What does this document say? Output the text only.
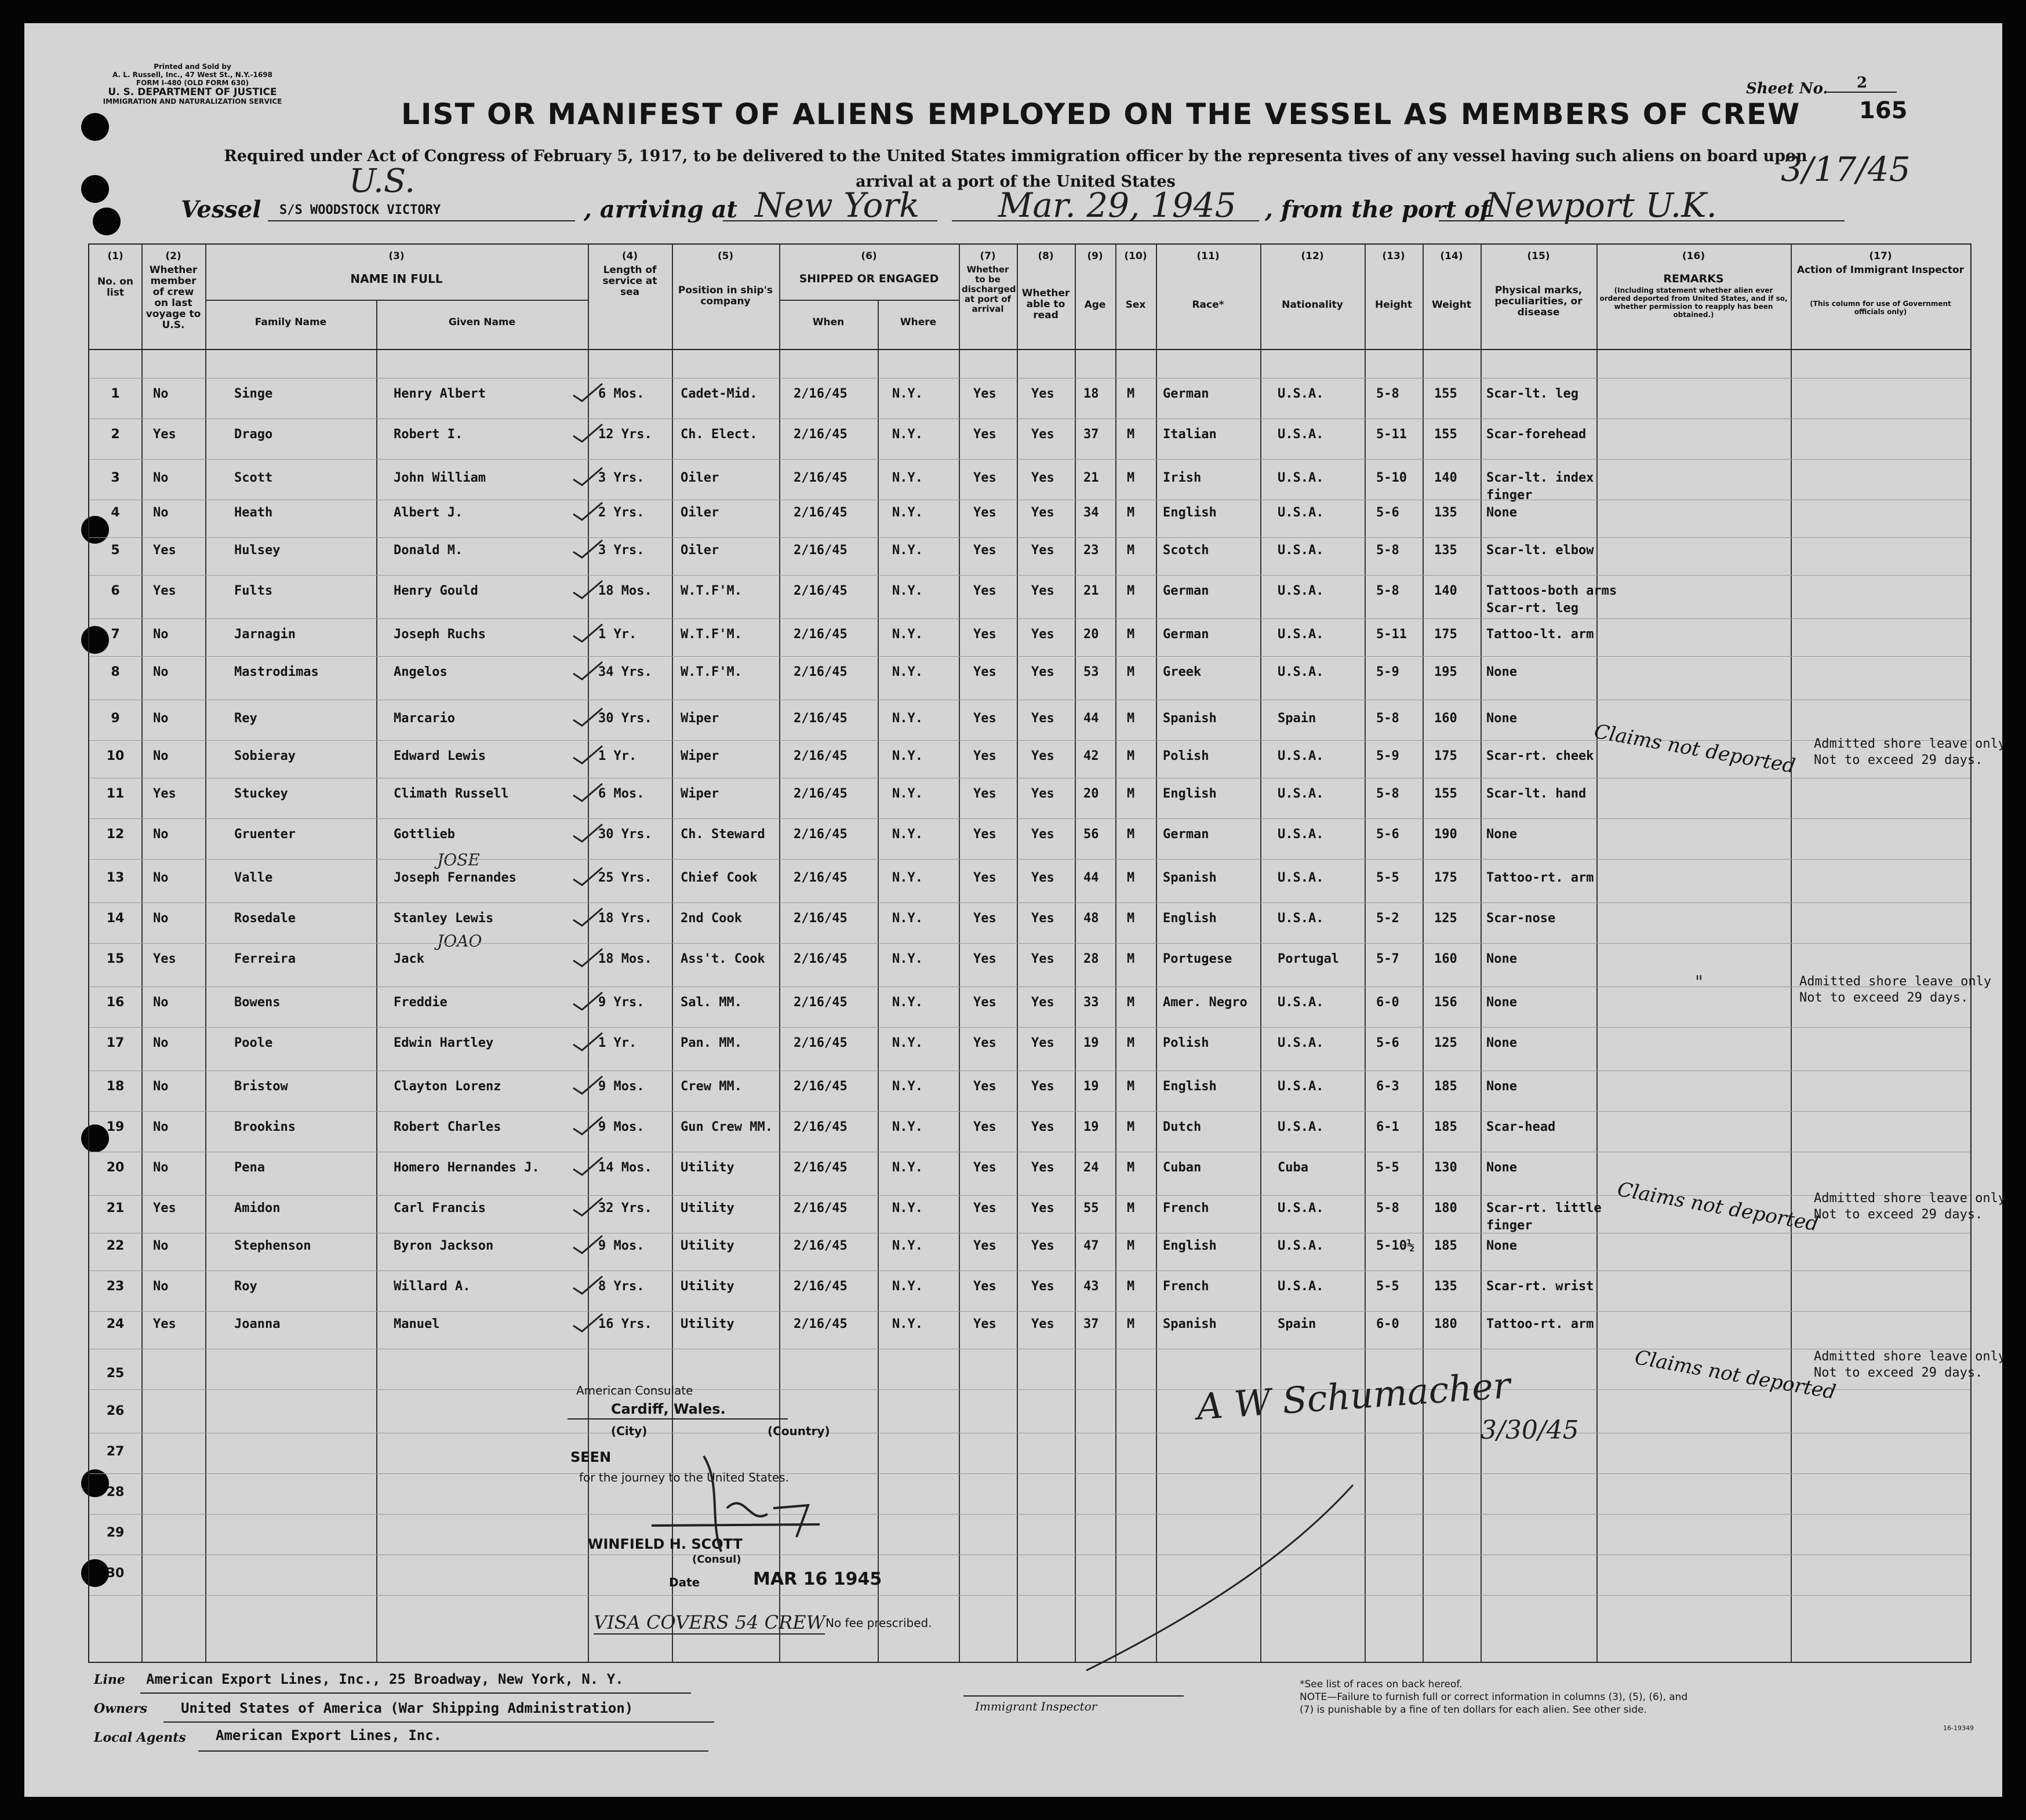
Printed and Sold by
A. L. Russell, Inc., 47 West St., N.Y.-1698
FORM I-480 (OLD FORM 630)
U. S. DEPARTMENT OF JUSTICE
IMMIGRATION AND NATURALIZATION SERVICE	LIST OR MANIFEST OF ALIENS EMPLOYED ON THE VESSEL AS MEMBERS OF CREW
Sheet No.	2
165
Required under Act of Congress of February 5, 1917, to be delivered to the United States immigration officer by the representa tives of any vessel having such aliens on board upon arrival at a port of the United States
Vessel
U.S.
S/S WOODSTOCK VICTORY	, arriving at New York Mar. 29, 1945 , from the port of
Newport U.K.
3/17/45
(1)	(2)	(3)	(4)	(5)	(6)	(7)	(8)	(9)	(10)	(11)	(12)	(13)	(14)	(15)	(16)	(17)
No. on list
Whether member of crew on last voyage to U.S.
NAME IN FULL
Family Name	Given Name
Length of service at sea	Position in ship's company
SHIPPED OR ENGAGED
When	Where
Whether to be discharged at port of arrival
Whether able to read
Age	Sex	Race*	Nationality	Height	Weight
Physical marks, peculiarities, or disease
REMARKS
(Including statement whether alien ever ordered deported from United States, and if so, whether permission to reapply has been obtained.)
Action of Immigrant Inspector
(This column for use of Government officials only)
1	No	Singe	Henry Albert	6 Mos.	Cadet-Mid.	2/16/45	N.Y.	Yes	Yes 18 M German	U.S.A.	5-8	155 Scar-lt. leg
2	Yes	Drago	Robert I.	12 Yrs. Ch. Elect.	2/16/45	N.Y.	Yes	Yes 37 M Italian	U.S.A.	5-11 155 Scar-forehead
3	No	Scott	John William	3 Yrs.	Oiler	2/16/45	N.Y.	Yes	Yes 21 M Irish	U.S.A.	5-10 140 Scar-lt. index
finger
4	No	Heath	Albert J.	2 Yrs.	Oiler	2/16/45	N.Y.	Yes	Yes 34 M English	U.S.A.	5-6	135 None
5	Yes	Hulsey	Donald M.	3 Yrs.	Oiler	2/16/45	N.Y.	Yes	Yes 23 M Scotch	U.S.A.	5-8	135 Scar-lt. elbow
6	Yes	Fults	Henry Gould	18 Mos. W.T.F'M.	2/16/45	N.Y.	Yes	Yes 21 M German	U.S.A.	5-8	140 Tattoos-both arms
Scar-rt. leg
7	No	Jarnagin	Joseph Ruchs	1 Yr.	W.T.F'M.	2/16/45	N.Y.	Yes	Yes 20 M German	U.S.A.	5-11 175 Tattoo-lt. arm
8	No	Mastrodimas	Angelos	34 Yrs. W.T.F'M.	2/16/45	N.Y.	Yes	Yes 53 M Greek	U.S.A.	5-9	195 None
9	No	Rey	Marcario	30 Yrs. Wiper	2/16/45	N.Y.	Yes	Yes 44 M Spanish	Spain	5-8	160 None
10	No	Sobieray	Edward Lewis	1 Yr.	Wiper	2/16/45	N.Y.	Yes	Yes 42 M Polish	U.S.A.	5-9	175 Scar-rt. cheek
11	Yes	Stuckey	Climath Russell	6 Mos.	Wiper	2/16/45	N.Y.	Yes	Yes 20 M English	U.S.A.	5-8	155 Scar-lt. hand
12	No	Gruenter	Gottlieb	30 Yrs. Ch. Steward 2/16/45	N.Y.	Yes	Yes 56 M German	U.S.A.	5-6	190 None
13	No	Valle	Joseph Fernandes	25 Yrs. Chief Cook	2/16/45	N.Y.	Yes	Yes 44 M Spanish	U.S.A.	5-5	175 Tattoo-rt. arm
JOSE
14	No	Rosedale	Stanley Lewis	18 Yrs. 2nd Cook	2/16/45	N.Y.	Yes	Yes 48 M English	U.S.A.	5-2	125 Scar-nose
15	Yes	Ferreira	Jack	18 Mos. Ass't. Cook 2/16/45	N.Y.	Yes	Yes 28 M Portugese	Portugal	5-7	160 None
JOAO
16	No	Bowens	Freddie	9 Yrs.	Sal. MM.	2/16/45	N.Y.	Yes	Yes 33 M Amer. Negro U.S.A.	6-0	156 None
17	No	Poole	Edwin Hartley	1 Yr.	Pan. MM.	2/16/45	N.Y.	Yes	Yes 19 M Polish	U.S.A.	5-6	125 None
18	No	Bristow	Clayton Lorenz	9 Mos.	Crew MM.	2/16/45	N.Y.	Yes	Yes 19 M English	U.S.A.	6-3	185 None
19	No	Brookins	Robert Charles	9 Mos.	Gun Crew MM. 2/16/45	N.Y.	Yes	Yes 19 M Dutch	U.S.A.	6-1	185 Scar-head
20	No	Pena	Homero Hernandes J.	14 Mos. Utility	2/16/45	N.Y.	Yes	Yes 24 M Cuban	Cuba	5-5	130 None
21	Yes	Amidon	Carl Francis	32 Yrs. Utility	2/16/45	N.Y.	Yes	Yes 55 M French	U.S.A.	5-8	180 Scar-rt. little
finger
22	No	Stephenson	Byron Jackson	9 Mos.	Utility	2/16/45	N.Y.	Yes	Yes 47 M English	U.S.A.	5-10½ 185 None
23	No	Roy	Willard A.	8 Yrs.	Utility	2/16/45	N.Y.	Yes	Yes 43 M French	U.S.A.	5-5	135 Scar-rt. wrist
24	Yes	Joanna	Manuel	16 Yrs. Utility	2/16/45	N.Y.	Yes	Yes 37 M Spanish	Spain	6-0	180 Tattoo-rt. arm
25
26
27
28
29
30
Claims not deported Admitted shore leave only
Not to exceed 29 days.
"	Admitted shore leave only
Not to exceed 29 days.
Claims not deported
Admitted shore leave only
Not to exceed 29 days.
Claims not deported
Admitted shore leave only
Not to exceed 29 days.
American Consulate
Cardiff, Wales.
(City)	(Country)
SEEN
for the journey to the United States.
WINFIELD H. SCOTT
(Consul)
Date	MAR 16 1945
VISA COVERS 54 CREW No fee prescribed.
A W Schumacher
3/30/45
Line American Export Lines, Inc., 25 Broadway, New York, N. Y.
Owners United States of America (War Shipping Administration)
Local Agents American Export Lines, Inc.
Immigrant Inspector
*See list of races on back hereof.
NOTE—Failure to furnish full or correct information in columns (3), (5), (6), and
(7) is punishable by a fine of ten dollars for each alien. See other side.
16-19349
